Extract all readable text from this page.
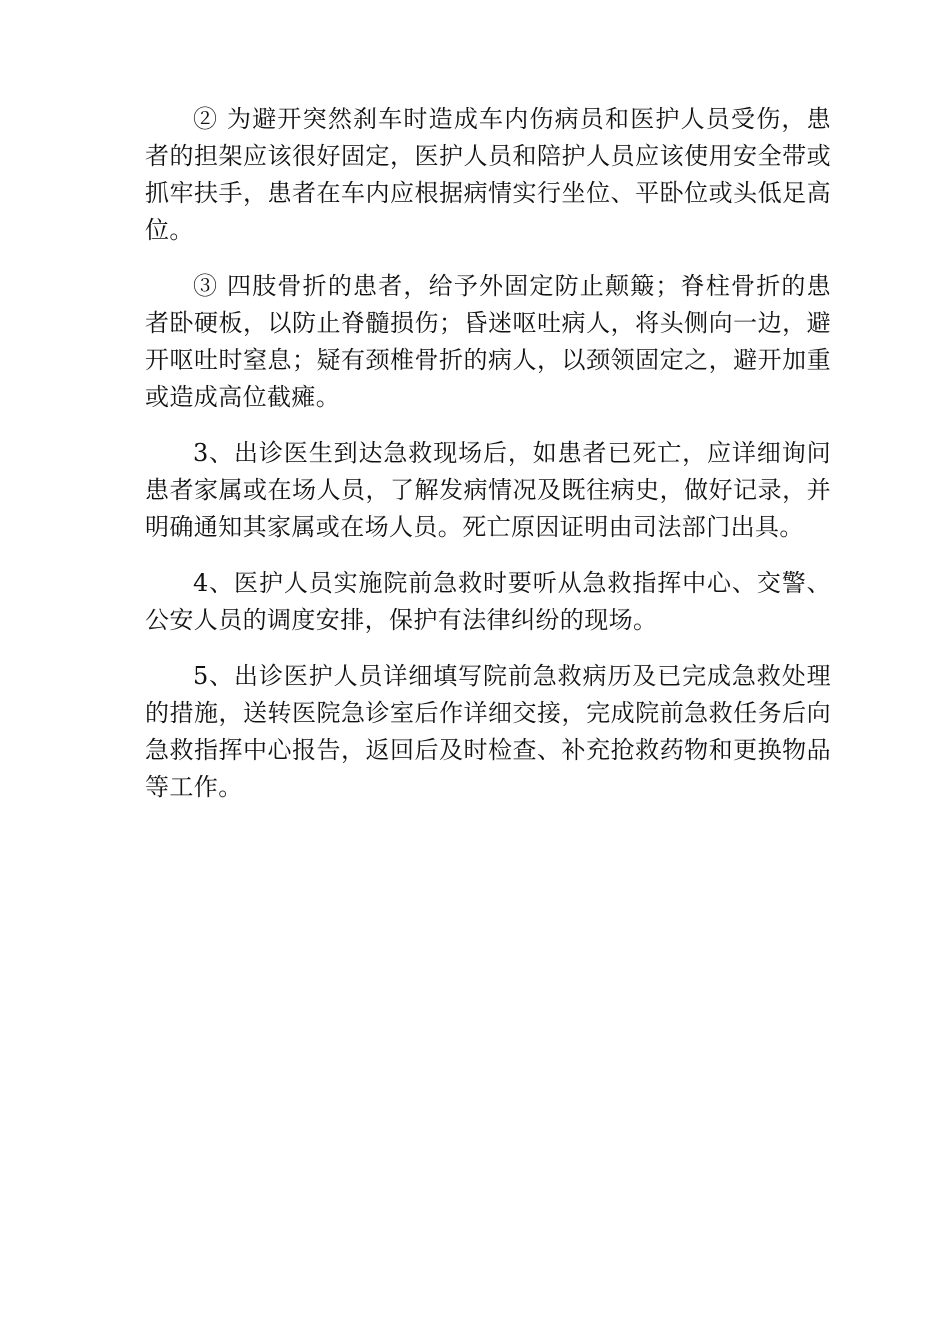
② 为避开突然刹车时造成车内伤病员和医护人员受伤，患者的担架应该很好固定，医护人员和陪护人员应该使用安全带或抓牢扶手，患者在车内应根据病情实行坐位、平卧位或头低足高位。

③ 四肢骨折的患者，给予外固定防止颠簸；脊柱骨折的患者卧硬板，以防止脊髓损伤；昏迷呕吐病人，将头侧向一边，避开呕吐时窒息；疑有颈椎骨折的病人，以颈领固定之，避开加重或造成高位截瘫。

3、出诊医生到达急救现场后，如患者已死亡，应详细询问患者家属或在场人员，了解发病情况及既往病史，做好记录，并明确通知其家属或在场人员。死亡原因证明由司法部门出具。

4、医护人员实施院前急救时要听从急救指挥中心、交警、公安人员的调度安排，保护有法律纠纷的现场。

5、出诊医护人员详细填写院前急救病历及已完成急救处理的措施，送转医院急诊室后作详细交接，完成院前急救任务后向急救指挥中心报告，返回后及时检查、补充抢救药物和更换物品等工作。
